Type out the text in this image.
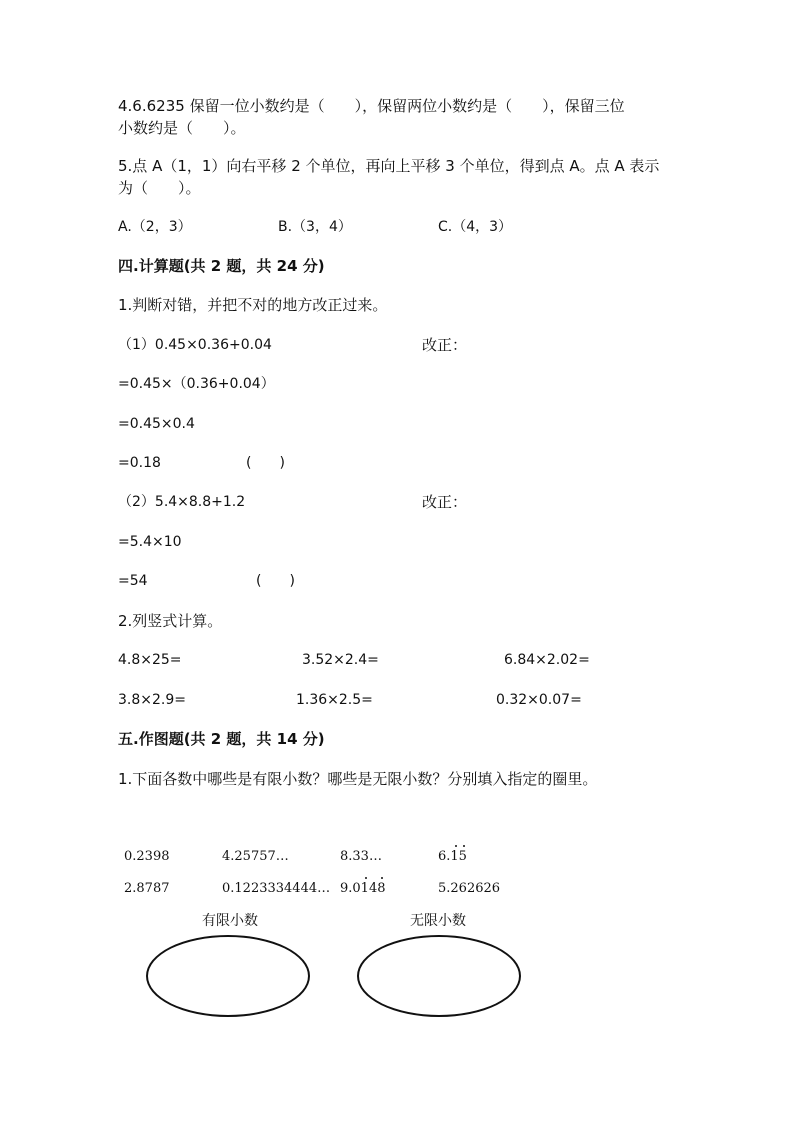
4.6.6235 保留一位小数约是（　　），保留两位小数约是（　　），保留三位
小数约是（　　）。
5.点 A（1，1）向右平移 2 个单位，再向上平移 3 个单位，得到点 A。点 A 表示
为（　　）。
A.（2，3）	B.（3，4）	C.（4，3）
四.计算题(共 2 题，共 24 分)
1.判断对错，并把不对的地方改正过来。
（1）0.45×0.36+0.04	改正：
=0.45×（0.36+0.04）
=0.45×0.4
=0.18	(　　)
（2）5.4×8.8+1.2	改正：
=5.4×10
=54	(　　)
2.列竖式计算。
4.8×25=	3.52×2.4=	6.84×2.02=
3.8×2.9=	1.36×2.5=	0.32×0.07=
五.作图题(共 2 题，共 14 分)
1.下面各数中哪些是有限小数？哪些是无限小数？分别填入指定的圈里。
0.2398	4.25757…	8.33…	6.15
2.8787	0.1223334444… 9.0148	5.262626
有限小数	无限小数
